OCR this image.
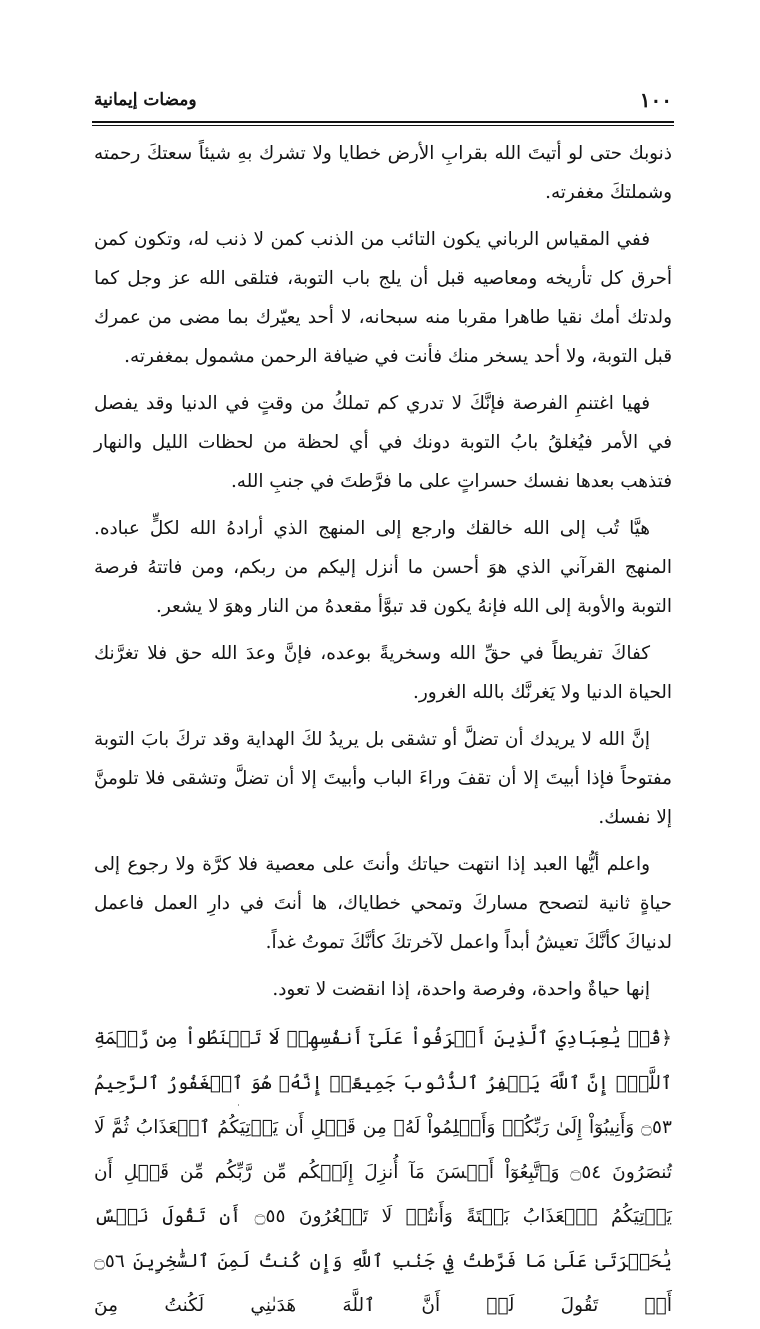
١٠٠
ومضات إيمانية

ذنوبك حتى لو أتيتَ الله بقرابِ الأرض خطايا ولا تشرك بهِ شيئاً سعتكَ رحمته وشملتكَ مغفرته.

ففي المقياس الرباني يكون التائب من الذنب كمن لا ذنب له، وتكون كمن أحرق كل تأريخه ومعاصيه قبل أن يلج باب التوبة، فتلقى الله عز وجل كما ولدتك أمك نقيا طاهرا مقربا منه سبحانه، لا أحد يعيّرك بما مضى من عمرك قبل التوبة، ولا أحد يسخر منك فأنت في ضيافة الرحمن مشمول بمغفرته.

فهيا اغتنمِ الفرصة فإنَّكَ لا تدري كم تملكُ من وقتٍ في الدنيا وقد يفصل في الأمر فيُغلقُ بابُ التوبة دونك في أي لحظة من لحظات الليل والنهار فتذهب بعدها نفسك حسراتٍ على ما فرَّطتَ في جنبِ الله.

هيَّا تُب إلى الله خالقك وارجع إلى المنهج الذي أرادهُ الله لكلٍّ عباده. المنهج القرآني الذي هوَ أحسن ما أنزل إليكم من ربكم، ومن فاتتهُ فرصة التوبة والأوبة إلى الله فإنهُ يكون قد تبوَّأ مقعدهُ من النار وهوَ لا يشعر.

كفاكَ تفريطاً في حقِّ الله وسخريةً بوعده، فإنَّ وعدَ الله حق فلا تغرَّنك الحياة الدنيا ولا يَغرنَّك بالله الغرور.

إنَّ الله لا يريدك أن تضلَّ أو تشقى بل يريدُ لكَ الهداية وقد تركَ بابَ التوبة مفتوحاً فإذا أبيتَ إلا أن تقفَ وراءَ الباب وأبيتَ إلا أن تضلَّ وتشقى فلا تلومنَّ إلا نفسك.

واعلم أيُّها العبد إذا انتهت حياتك وأنتَ على معصية فلا كرَّة ولا رجوع إلى حياةٍ ثانية لتصحح مساركَ وتمحي خطاياك، ها أنتَ في دارِ العمل فاعمل لدنياكَ كأنَّكَ تعيشُ أبداً واعمل لآخرتكَ كأنَّكَ تموتُ غداً.

إنها حياةٌ واحدة، وفرصة واحدة، إذا انقضت لا تعود.

﴿قُلۡ يَٰعِبَادِيَ ٱلَّذِينَ أَسۡرَفُواْ عَلَىٰٓ أَنفُسِهِمۡ لَا تَقۡنَطُواْ مِن رَّحۡمَةِ ٱللَّهِۚ إِنَّ ٱللَّهَ يَغۡفِرُ ٱلذُّنُوبَ جَمِيعًاۚ إِنَّهُۥ هُوَ ٱلۡغَفُورُ ٱلرَّحِيمُ ۝٥٣ وَأَنِيبُوٓاْ إِلَىٰ رَبِّكُمۡ وَأَسۡلِمُواْ لَهُۥ مِن قَبۡلِ أَن يَأۡتِيَكُمُ ٱلۡعَذَابُ ثُمَّ لَا تُنصَرُونَ ۝٥٤ وَٱتَّبِعُوٓاْ أَحۡسَنَ مَآ أُنزِلَ إِلَيۡكُم مِّن رَّبِّكُم مِّن قَبۡلِ أَن يَأۡتِيَكُمُ ٱلۡعَذَابُ بَغۡتَةً وَأَنتُمۡ لَا تَشۡعُرُونَ ۝٥٥ أَن تَقُولَ نَفۡسٌ يَٰحَسۡرَتَىٰ عَلَىٰ مَا فَرَّطتُ فِي جَنۢبِ ٱللَّهِ وَإِن كُنتُ لَمِنَ ٱلسَّٰخِرِينَ ۝٥٦ أَوۡ تَقُولَ لَوۡ أَنَّ ٱللَّهَ هَدَىٰنِي لَكُنتُ مِنَ
